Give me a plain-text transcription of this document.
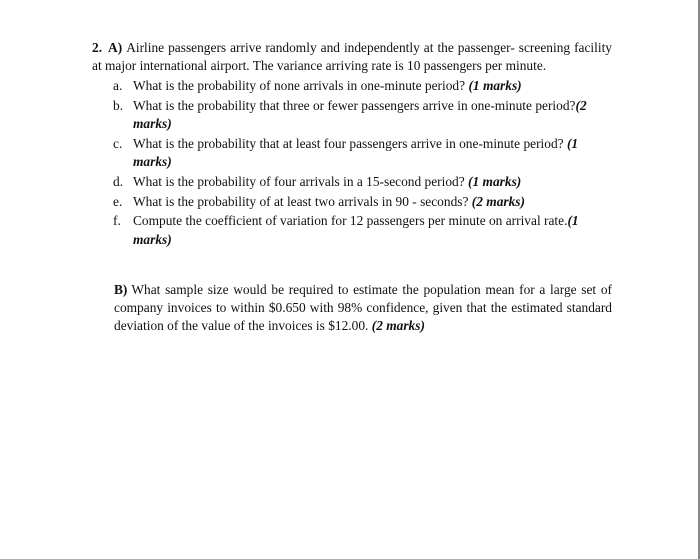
2. A) Airline passengers arrive randomly and independently at the passenger- screening facility at major international airport. The variance arriving rate is 10 passengers per minute.

a. What is the probability of none arrivals in one-minute period? (1 marks)
b. What is the probability that three or fewer passengers arrive in one-minute period?(2 marks)
c. What is the probability that at least four passengers arrive in one-minute period? (1 marks)
d. What is the probability of four arrivals in a 15-second period? (1 marks)
e. What is the probability of at least two arrivals in 90 - seconds? (2 marks)
f. Compute the coefficient of variation for 12 passengers per minute on arrival rate.(1 marks)

B) What sample size would be required to estimate the population mean for a large set of company invoices to within $0.650 with 98% confidence, given that the estimated standard deviation of the value of the invoices is $12.00. (2 marks)
